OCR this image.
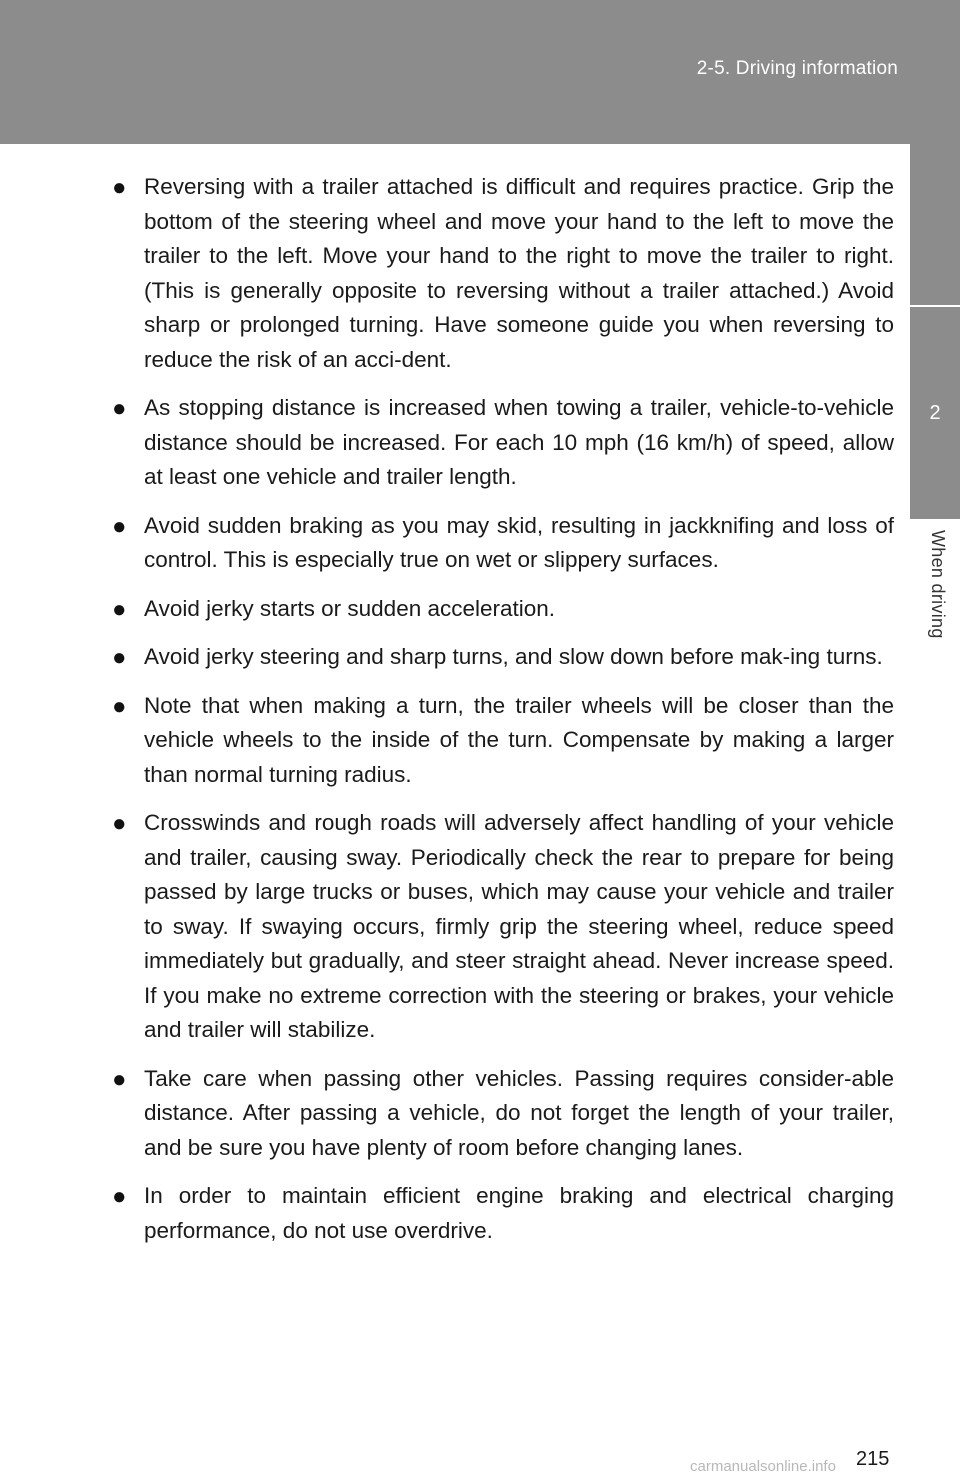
2-5. Driving information
2
When driving
● Reversing with a trailer attached is difficult and requires practice. Grip the bottom of the steering wheel and move your hand to the left to move the trailer to the left. Move your hand to the right to move the trailer to right. (This is generally opposite to reversing without a trailer attached.) Avoid sharp or prolonged turning. Have someone guide you when reversing to reduce the risk of an acci-dent.
● As stopping distance is increased when towing a trailer, vehicle-to-vehicle distance should be increased. For each 10 mph (16 km/h) of speed, allow at least one vehicle and trailer length.
● Avoid sudden braking as you may skid, resulting in jackknifing and loss of control. This is especially true on wet or slippery surfaces.
● Avoid jerky starts or sudden acceleration.
● Avoid jerky steering and sharp turns, and slow down before mak-ing turns.
● Note that when making a turn, the trailer wheels will be closer than the vehicle wheels to the inside of the turn. Compensate by making a larger than normal turning radius.
● Crosswinds and rough roads will adversely affect handling of your vehicle and trailer, causing sway. Periodically check the rear to prepare for being passed by large trucks or buses, which may cause your vehicle and trailer to sway. If swaying occurs, firmly grip the steering wheel, reduce speed immediately but gradually, and steer straight ahead. Never increase speed. If you make no extreme correction with the steering or brakes, your vehicle and trailer will stabilize.
● Take care when passing other vehicles. Passing requires consider-able distance. After passing a vehicle, do not forget the length of your trailer, and be sure you have plenty of room before changing lanes.
● In order to maintain efficient engine braking and electrical charging performance, do not use overdrive.
215
carmanualsonline.info
